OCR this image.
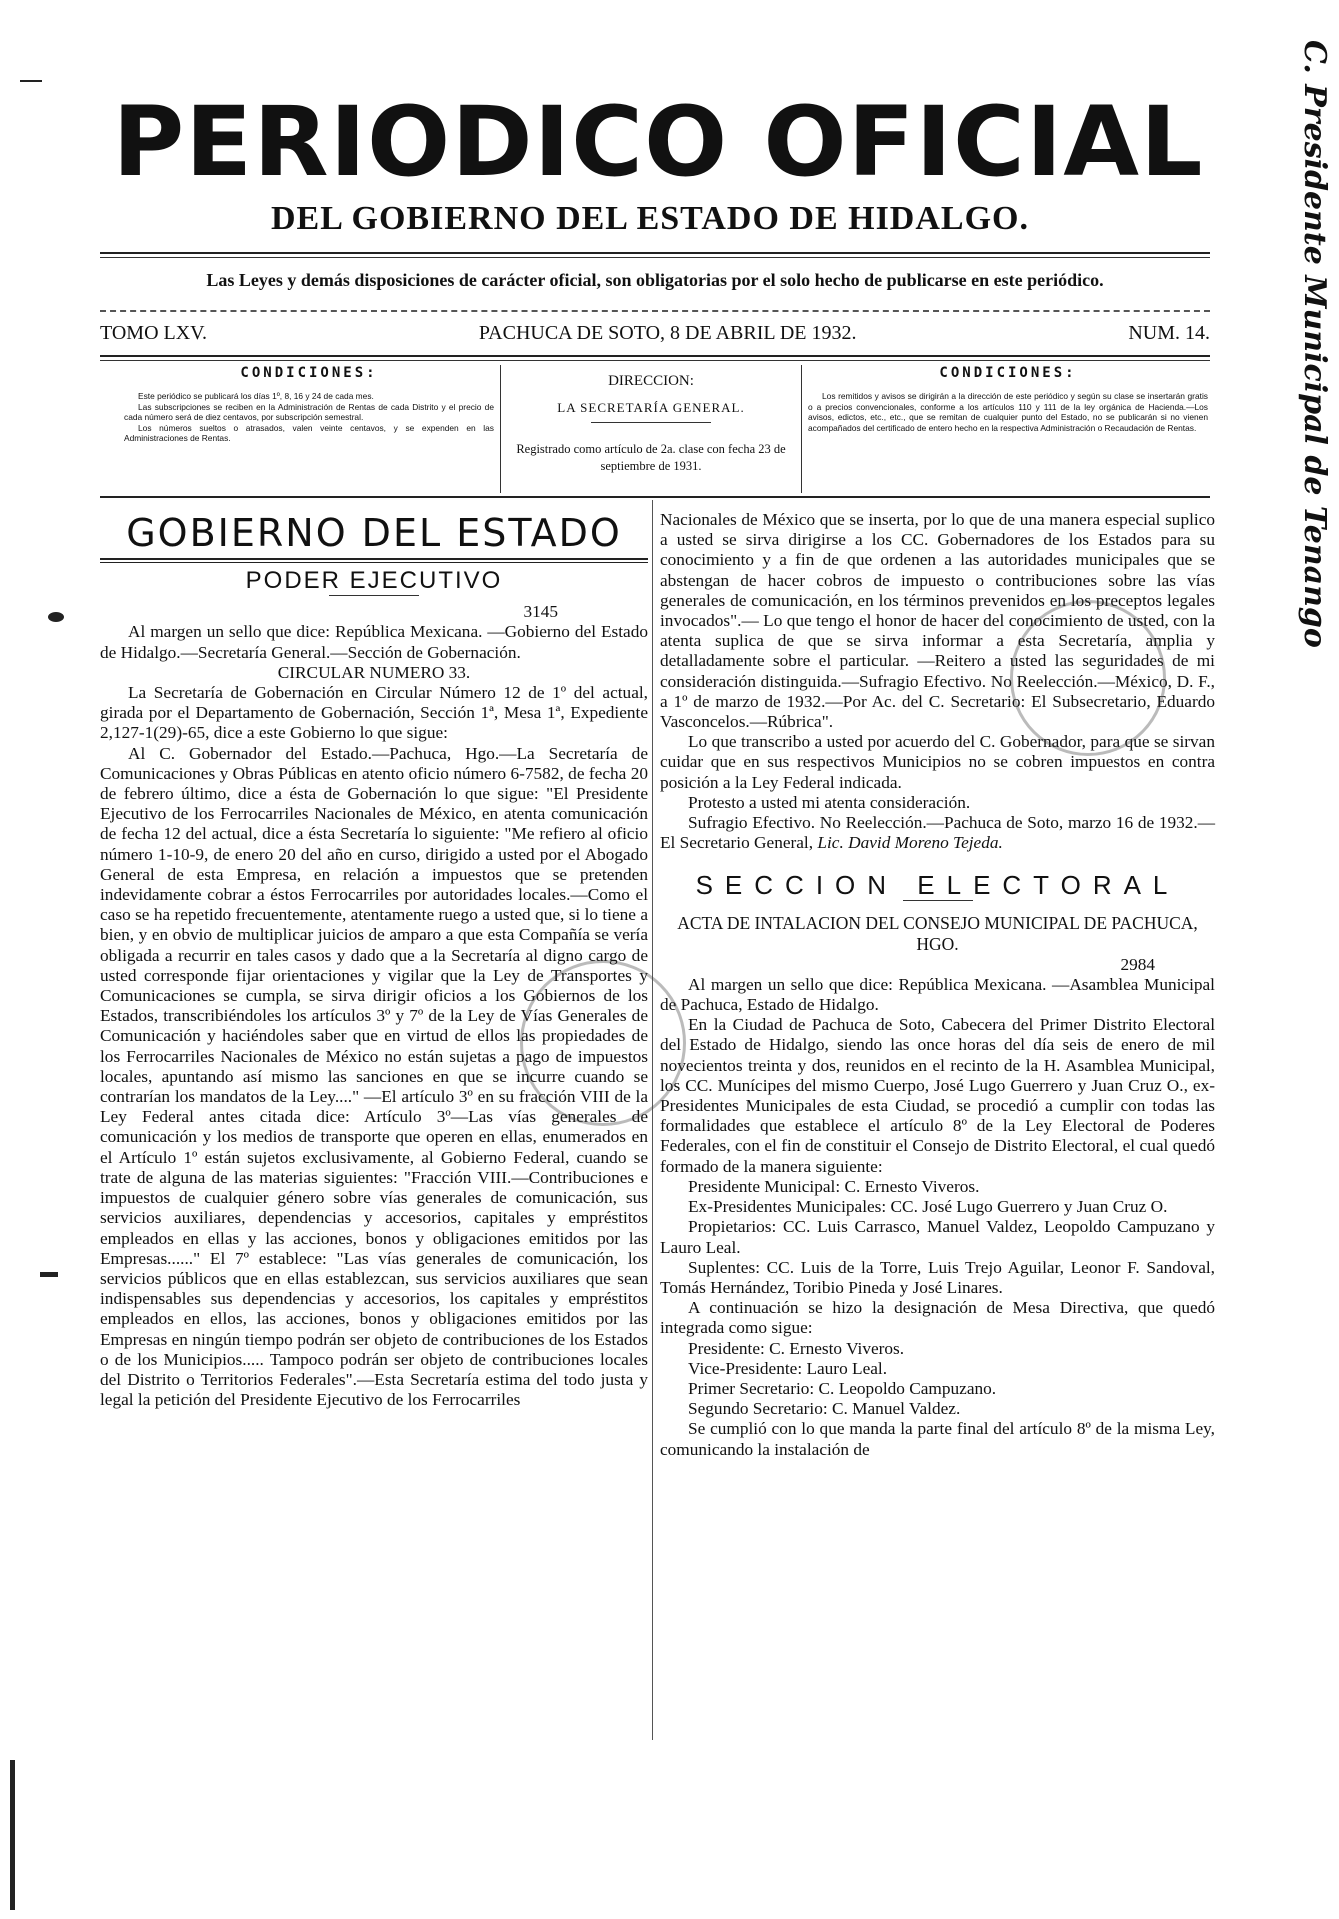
PERIODICO OFICIAL
DEL GOBIERNO DEL ESTADO DE HIDALGO.
Las Leyes y demás disposiciones de carácter oficial, son obligatorias por el solo hecho de publicarse en este periódico.
TOMO LXV.	PACHUCA DE SOTO, 8 DE ABRIL DE 1932.	NUM. 14.
CONDICIONES:

Este periódico se publicará los días 1º, 8, 16 y 24 de cada mes.

Las subscripciones se reciben en la Administración de Rentas de cada Distrito y el precio de cada número será de diez centavos, por subscripción semestral.

Los números sueltos o atrasados, valen veinte centavos, y se expenden en las Administraciones de Rentas.

DIRECCION:
LA SECRETARÍA GENERAL.
Registrado como artículo de 2a. clase con fecha 23 de septiembre de 1931.
CONDICIONES:

Los remitidos y avisos se dirigirán a la dirección de este periódico y según su clase se insertarán gratis o a precios convencionales, conforme a los artículos 110 y 111 de la ley orgánica de Hacienda.—Los avisos, edictos, etc., etc., que se remitan de cualquier punto del Estado, no se publicarán si no vienen acompañados del certificado de entero hecho en la respectiva Administración o Recaudación de Rentas.	C. Presidente Municipal de Tenango
GOBIERNO DEL ESTADO
PODER EJECUTIVO
3145

Al margen un sello que dice: República Mexicana. —Gobierno del Estado de Hidalgo.—Secretaría General.—Sección de Gobernación.

CIRCULAR NUMERO 33.

La Secretaría de Gobernación en Circular Número 12 de 1º del actual, girada por el Departamento de Gobernación, Sección 1ª, Mesa 1ª, Expediente 2,127-1(29)-65, dice a este Gobierno lo que sigue:

Al C. Gobernador del Estado.—Pachuca, Hgo.—La Secretaría de Comunicaciones y Obras Públicas en atento oficio número 6-7582, de fecha 20 de febrero último, dice a ésta de Gobernación lo que sigue: "El Presidente Ejecutivo de los Ferrocarriles Nacionales de México, en atenta comunicación de fecha 12 del actual, dice a ésta Secretaría lo siguiente: "Me refiero al oficio número 1-10-9, de enero 20 del año en curso, dirigido a usted por el Abogado General de esta Empresa, en relación a impuestos que se pretenden indevidamente cobrar a éstos Ferrocarriles por autoridades locales.—Como el caso se ha repetido frecuentemente, atentamente ruego a usted que, si lo tiene a bien, y en obvio de multiplicar juicios de amparo a que esta Compañía se vería obligada a recurrir en tales casos y dado que a la Secretaría al digno cargo de usted corresponde fijar orientaciones y vigilar que la Ley de Transportes y Comunicaciones se cumpla, se sirva dirigir oficios a los Gobiernos de los Estados, transcribiéndoles los artículos 3º y 7º de la Ley de Vías Generales de Comunicación y haciéndoles saber que en virtud de ellos las propiedades de los Ferrocarriles Nacionales de México no están sujetas a pago de impuestos locales, apuntando así mismo las sanciones en que se incurre cuando se contrarían los mandatos de la Ley...." —El artículo 3º en su fracción VIII de la Ley Federal antes citada dice: Artículo 3º—Las vías generales de comunicación y los medios de transporte que operen en ellas, enumerados en el Artículo 1º están sujetos exclusivamente, al Gobierno Federal, cuando se trate de alguna de las materias siguientes: "Fracción VIII.—Contribuciones e impuestos de cualquier género sobre vías generales de comunicación, sus servicios auxiliares, dependencias y accesorios, capitales y empréstitos empleados en ellas y las acciones, bonos y obligaciones emitidos por las Empresas......" El 7º establece: "Las vías generales de comunicación, los servicios públicos que en ellas establezcan, sus servicios auxiliares que sean indispensables sus dependencias y accesorios, los capitales y empréstitos empleados en ellos, las acciones, bonos y obligaciones emitidos por las Empresas en ningún tiempo podrán ser objeto de contribuciones de los Estados o de los Municipios..... Tampoco podrán ser objeto de contribuciones locales del Distrito o Territorios Federales".—Esta Secretaría estima del todo justa y legal la petición del Presidente Ejecutivo de los Ferrocarriles

Nacionales de México que se inserta, por lo que de una manera especial suplico a usted se sirva dirigirse a los CC. Gobernadores de los Estados para su conocimiento y a fin de que ordenen a las autoridades municipales que se abstengan de hacer cobros de impuesto o contribuciones sobre las vías generales de comunicación, en los términos prevenidos en los preceptos legales invocados".— Lo que tengo el honor de hacer del conocimiento de usted, con la atenta suplica de que se sirva informar a esta Secretaría, amplia y detalladamente sobre el particular. —Reitero a usted las seguridades de mi consideración distinguida.—Sufragio Efectivo. No Reelección.—México, D. F., a 1º de marzo de 1932.—Por Ac. del C. Secretario: El Subsecretario, Eduardo Vasconcelos.—Rúbrica".

Lo que transcribo a usted por acuerdo del C. Gobernador, para que se sirvan cuidar que en sus respectivos Municipios no se cobren impuestos en contra posición a la Ley Federal indicada.

Protesto a usted mi atenta consideración.

Sufragio Efectivo. No Reelección.—Pachuca de Soto, marzo 16 de 1932.—El Secretario General, Lic. David Moreno Tejeda.

SECCION ELECTORAL
ACTA DE INTALACION DEL CONSEJO MUNICIPAL DE PACHUCA, HGO.
2984

Al margen un sello que dice: República Mexicana. —Asamblea Municipal de Pachuca, Estado de Hidalgo.

En la Ciudad de Pachuca de Soto, Cabecera del Primer Distrito Electoral del Estado de Hidalgo, siendo las once horas del día seis de enero de mil novecientos treinta y dos, reunidos en el recinto de la H. Asamblea Municipal, los CC. Munícipes del mismo Cuerpo, José Lugo Guerrero y Juan Cruz O., ex-Presidentes Municipales de esta Ciudad, se procedió a cumplir con todas las formalidades que establece el artículo 8º de la Ley Electoral de Poderes Federales, con el fin de constituir el Consejo de Distrito Electoral, el cual quedó formado de la manera siguiente:

Presidente Municipal: C. Ernesto Viveros.

Ex-Presidentes Municipales: CC. José Lugo Guerrero y Juan Cruz O.

Propietarios: CC. Luis Carrasco, Manuel Valdez, Leopoldo Campuzano y Lauro Leal.

Suplentes: CC. Luis de la Torre, Luis Trejo Aguilar, Leonor F. Sandoval, Tomás Hernández, Toribio Pineda y José Linares.

A continuación se hizo la designación de Mesa Directiva, que quedó integrada como sigue:

Presidente: C. Ernesto Viveros.

Vice-Presidente: Lauro Leal.

Primer Secretario: C. Leopoldo Campuzano.

Segundo Secretario: C. Manuel Valdez.

Se cumplió con lo que manda la parte final del artículo 8º de la misma Ley, comunicando la instalación de
